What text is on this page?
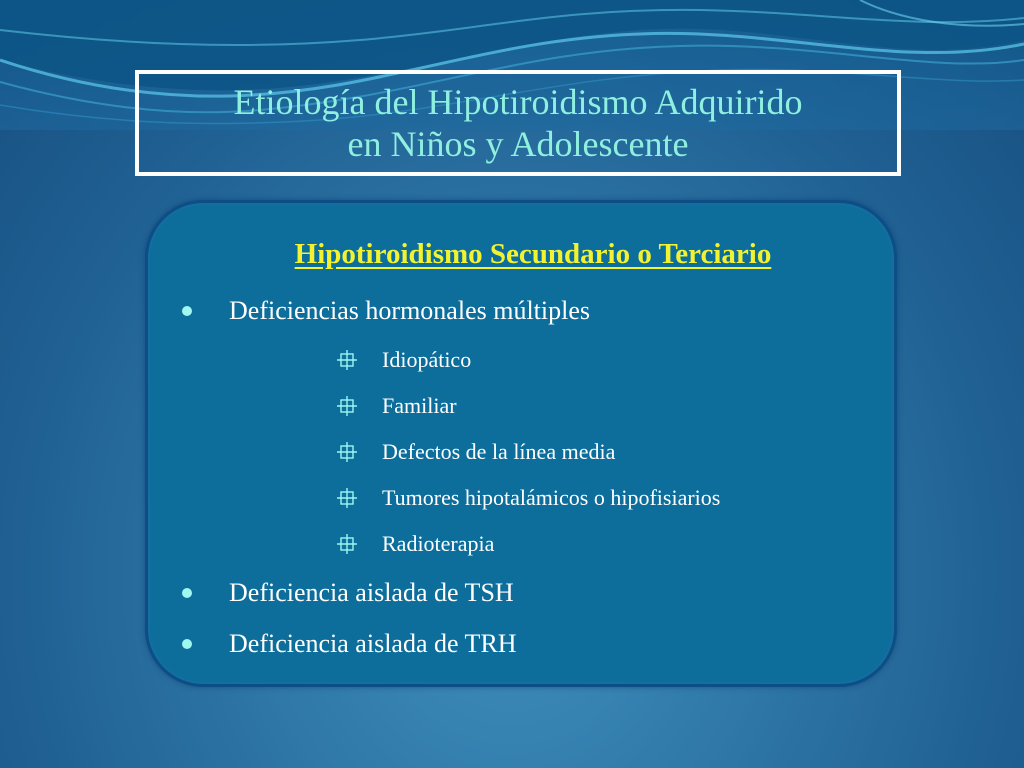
Etiología del Hipotiroidismo Adquirido
en Niños y Adolescente
Hipotiroidismo Secundario o Terciario
Deficiencias hormonales múltiples
Idiopático
Familiar
Defectos de la línea media
Tumores hipotalámicos o hipofisiarios
Radioterapia
Deficiencia aislada de TSH
Deficiencia aislada de TRH
